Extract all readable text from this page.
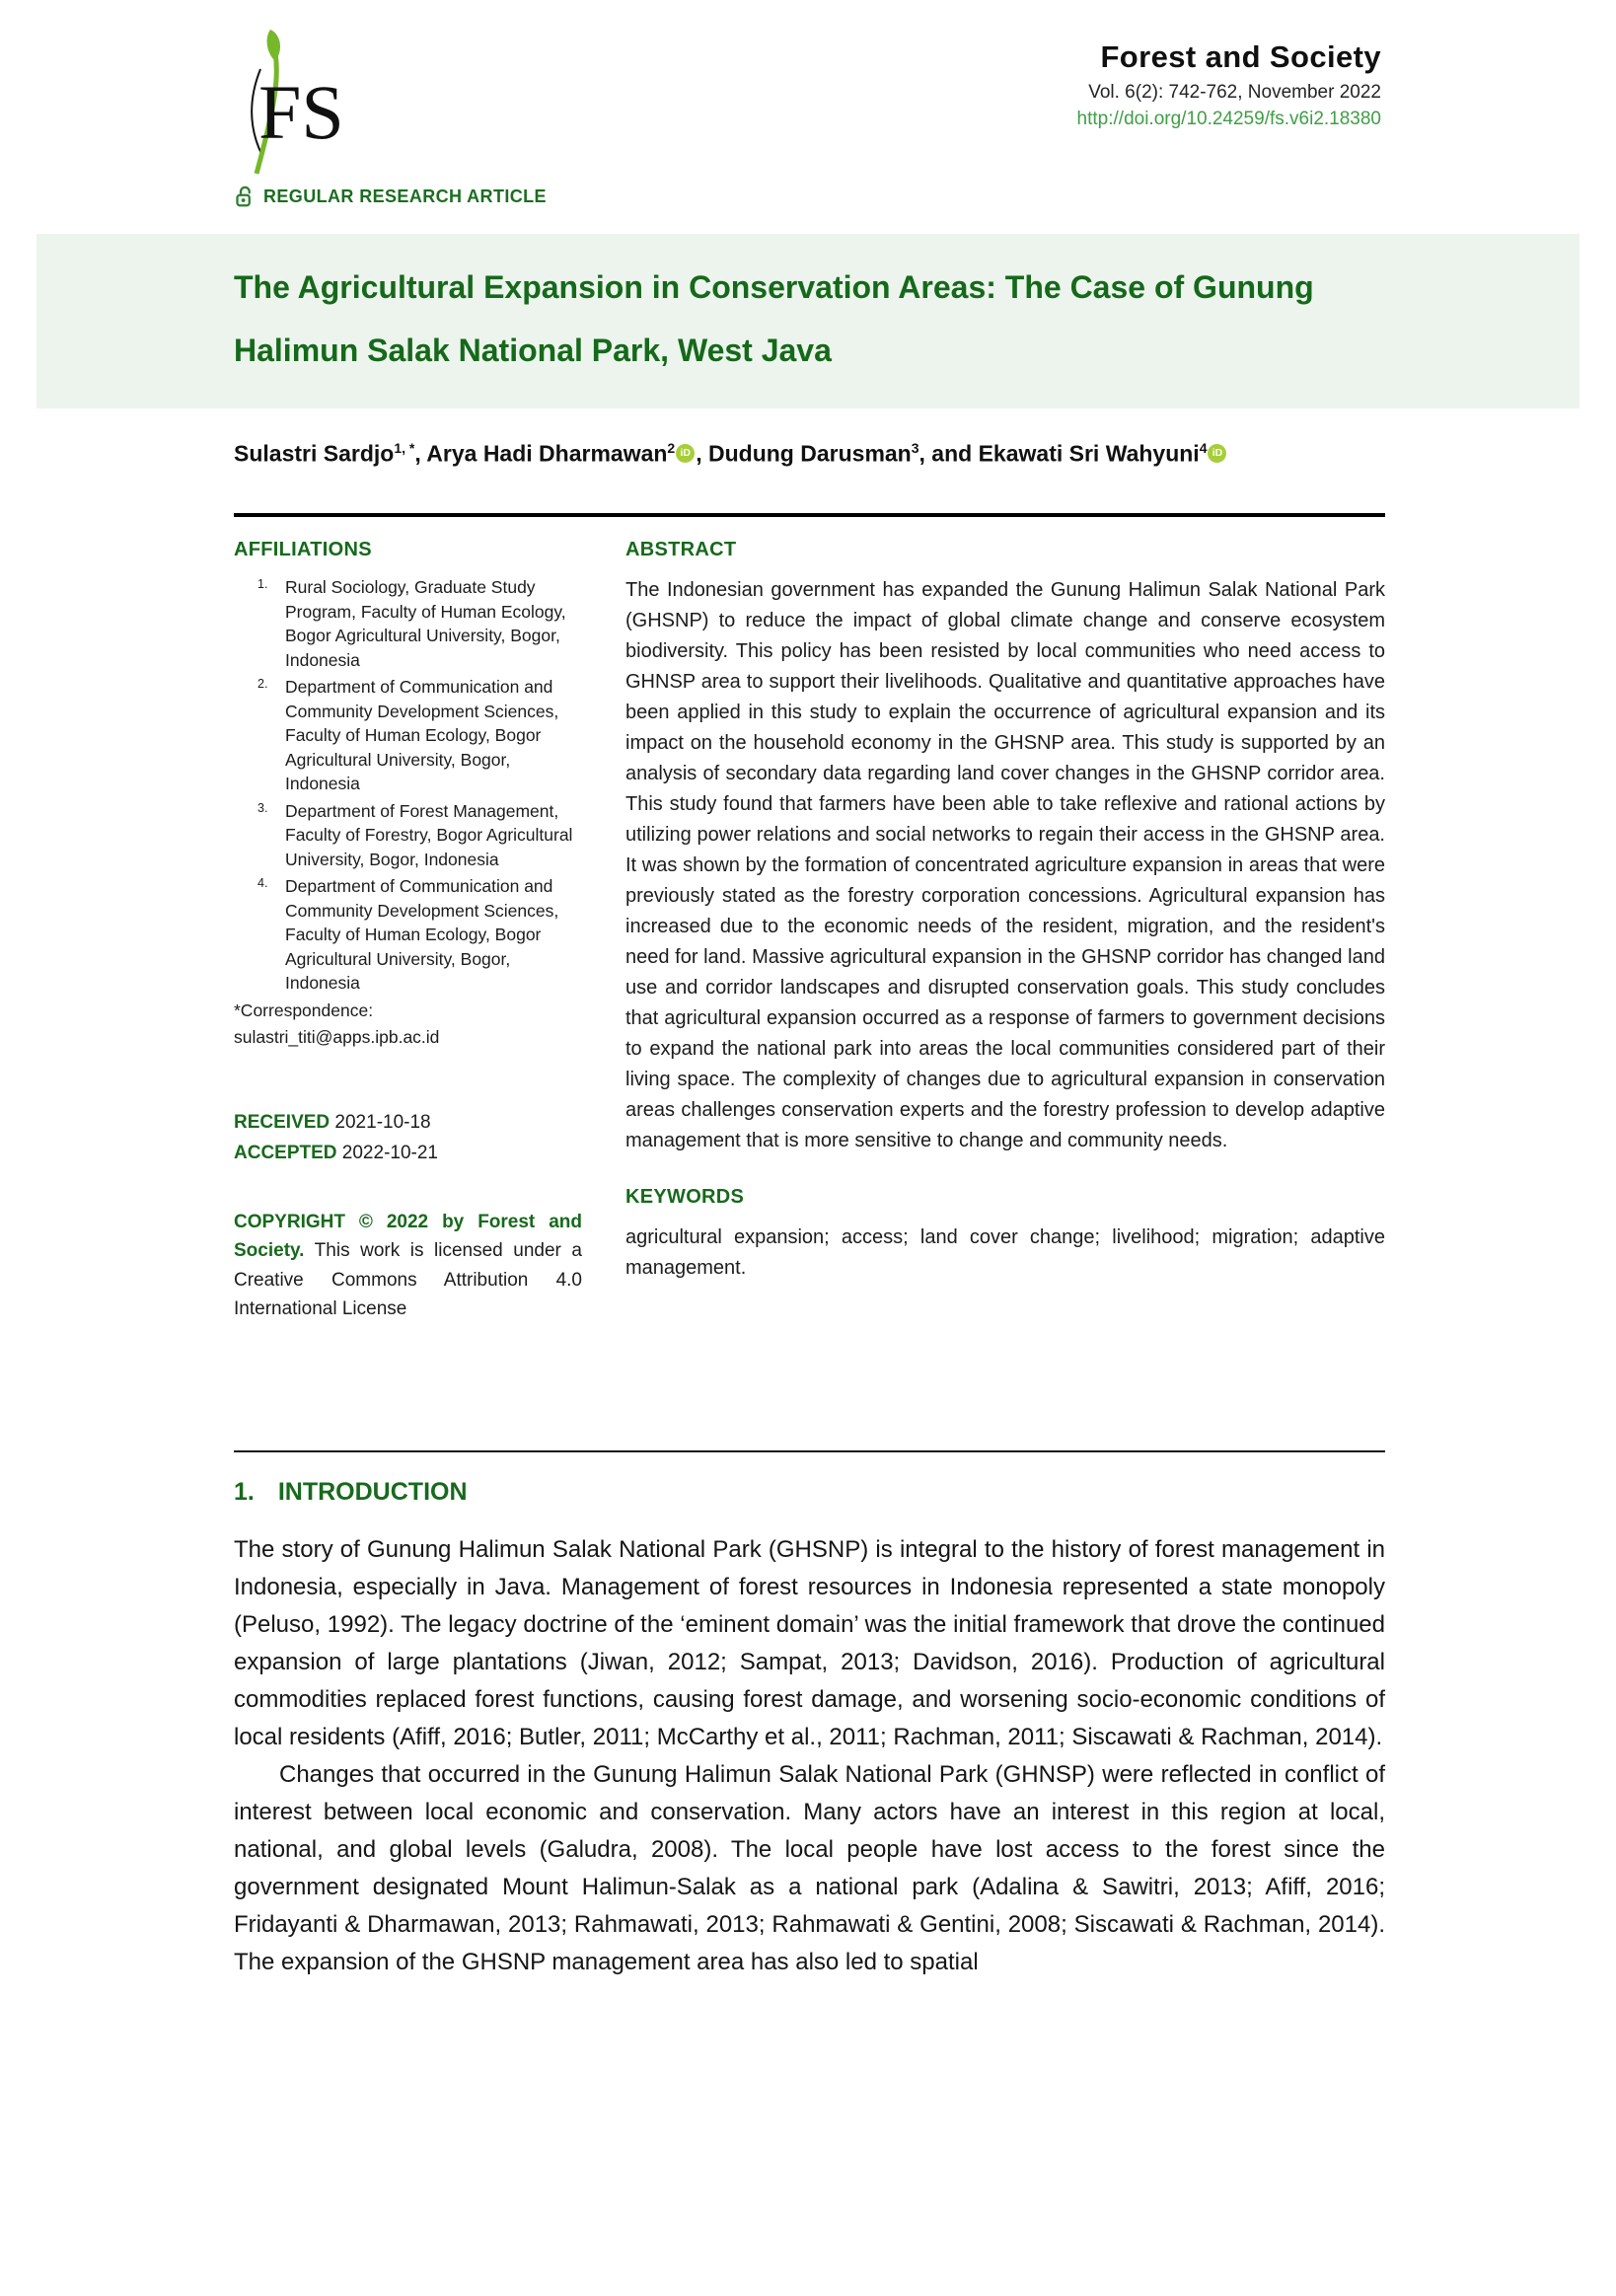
FS
Forest and Society
Vol. 6(2): 742-762, November 2022
http://doi.org/10.24259/fs.v6i2.18380
REGULAR RESEARCH ARTICLE
The Agricultural Expansion in Conservation Areas: The Case of Gunung Halimun Salak National Park, West Java
Sulastri Sardjo$^{1, *}$, Arya Hadi Dharmawan$^2$ iD , Dudung Darusman$^3$, and Ekawati Sri Wahyuni$^4$ iD
AFFILIATIONS
1. Rural Sociology, Graduate Study Program, Faculty of Human Ecology, Bogor Agricultural University, Bogor, Indonesia
2. Department of Communication and Community Development Sciences, Faculty of Human Ecology, Bogor Agricultural University, Bogor, Indonesia
3. Department of Forest Management, Faculty of Forestry, Bogor Agricultural University, Bogor, Indonesia
4. Department of Communication and Community Development Sciences, Faculty of Human Ecology, Bogor Agricultural University, Bogor, Indonesia
*Correspondence:
sulastri_titi@apps.ipb.ac.id
RECEIVED 2021-10-18
ACCEPTED 2022-10-21
COPYRIGHT © 2022 by Forest and Society. This work is licensed under a Creative Commons Attribution 4.0 International License
ABSTRACT
The Indonesian government has expanded the Gunung Halimun Salak National Park (GHSNP) to reduce the impact of global climate change and conserve ecosystem biodiversity. This policy has been resisted by local communities who need access to GHNSP area to support their livelihoods. Qualitative and quantitative approaches have been applied in this study to explain the occurrence of agricultural expansion and its impact on the household economy in the GHSNP area. This study is supported by an analysis of secondary data regarding land cover changes in the GHSNP corridor area. This study found that farmers have been able to take reflexive and rational actions by utilizing power relations and social networks to regain their access in the GHSNP area. It was shown by the formation of concentrated agriculture expansion in areas that were previously stated as the forestry corporation concessions. Agricultural expansion has increased due to the economic needs of the resident, migration, and the resident's need for land. Massive agricultural expansion in the GHSNP corridor has changed land use and corridor landscapes and disrupted conservation goals. This study concludes that agricultural expansion occurred as a response of farmers to government decisions to expand the national park into areas the local communities considered part of their living space. The complexity of changes due to agricultural expansion in conservation areas challenges conservation experts and the forestry profession to develop adaptive management that is more sensitive to change and community needs.
KEYWORDS
agricultural expansion; access; land cover change; livelihood; migration; adaptive management.
1. INTRODUCTION

The story of Gunung Halimun Salak National Park (GHSNP) is integral to the history of forest management in Indonesia, especially in Java. Management of forest resources in Indonesia represented a state monopoly (Peluso, 1992). The legacy doctrine of the ‘eminent domain’ was the initial framework that drove the continued expansion of large plantations (Jiwan, 2012; Sampat, 2013; Davidson, 2016). Production of agricultural commodities replaced forest functions, causing forest damage, and worsening socio-economic conditions of local residents (Afiff, 2016; Butler, 2011; McCarthy et al., 2011; Rachman, 2011; Siscawati & Rachman, 2014).

Changes that occurred in the Gunung Halimun Salak National Park (GHNSP) were reflected in conflict of interest between local economic and conservation. Many actors have an interest in this region at local, national, and global levels (Galudra, 2008). The local people have lost access to the forest since the government designated Mount Halimun-Salak as a national park (Adalina & Sawitri, 2013; Afiff, 2016; Fridayanti & Dharmawan, 2013; Rahmawati, 2013; Rahmawati & Gentini, 2008; Siscawati & Rachman, 2014). The expansion of the GHSNP management area has also led to spatial
